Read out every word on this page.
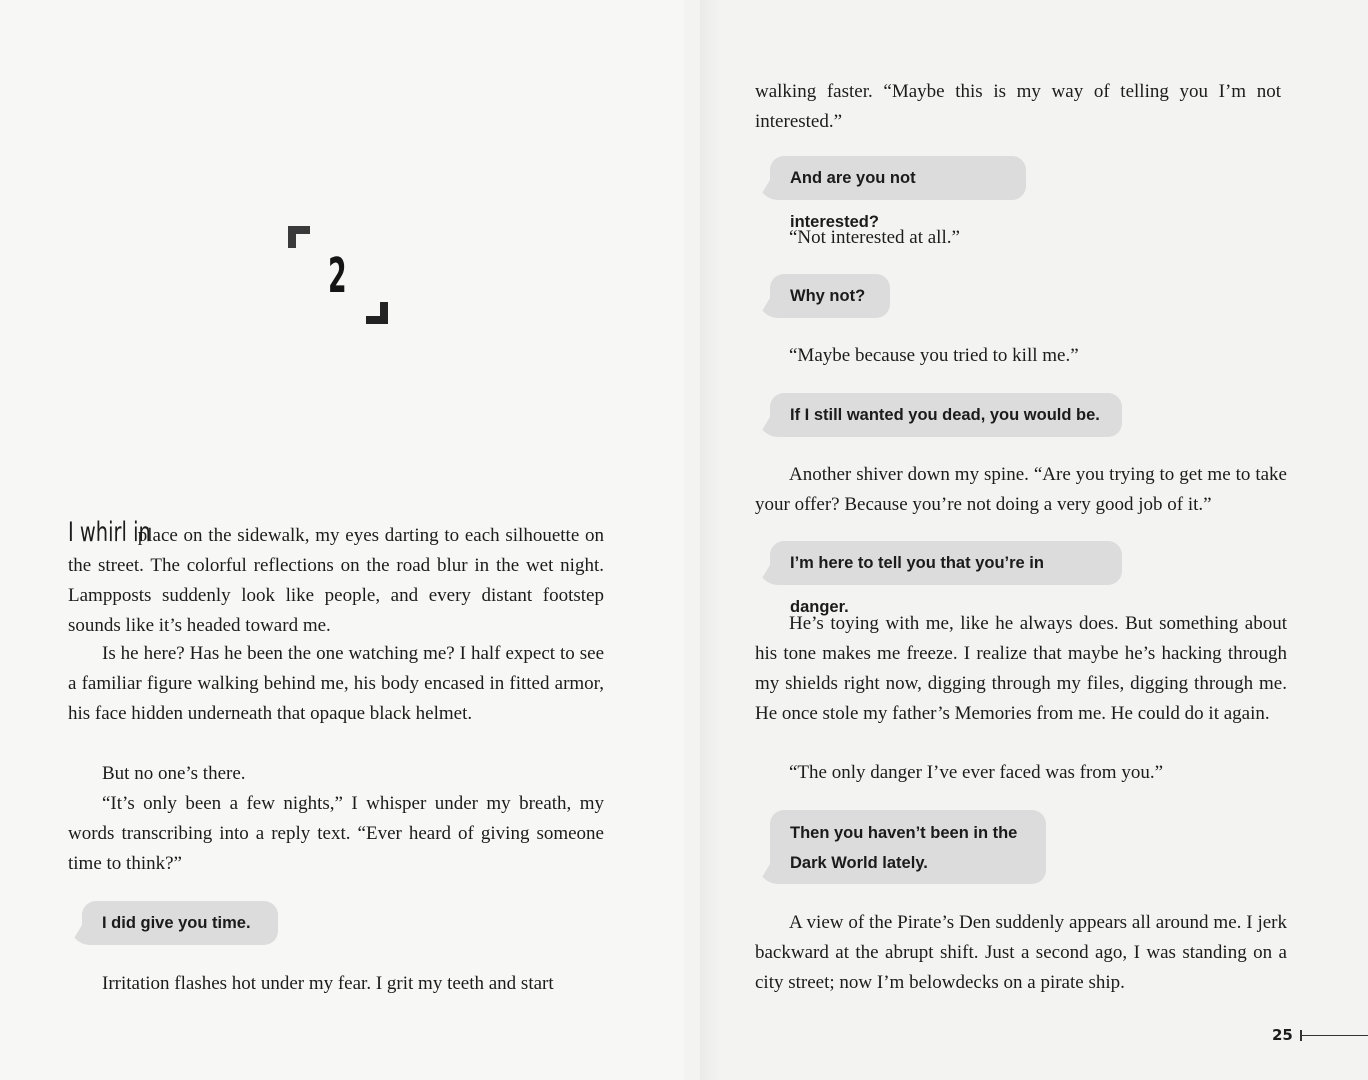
2

I whirl in place on the sidewalk, my eyes darting to each silhouette on the street. The colorful reflections on the road blur in the wet night. Lampposts suddenly look like people, and every distant footstep sounds like it’s headed toward me.

Is he here? Has he been the one watching me? I half expect to see a familiar figure walking behind me, his body encased in fitted armor, his face hidden underneath that opaque black helmet.

But no one’s there.

“It’s only been a few nights,” I whisper under my breath, my words transcribing into a reply text. “Ever heard of giving someone time to think?”

I did give you time.

Irritation flashes hot under my fear. I grit my teeth and start

walking faster. “Maybe this is my way of telling you I’m not interested.”

And are you not interested?

“Not interested at all.”

Why not?

“Maybe because you tried to kill me.”

If I still wanted you dead, you would be.

Another shiver down my spine. “Are you trying to get me to take your offer? Because you’re not doing a very good job of it.”

I’m here to tell you that you’re in danger.

He’s toying with me, like he always does. But something about his tone makes me freeze. I realize that maybe he’s hacking through my shields right now, digging through my files, digging through me. He once stole my father’s Memories from me. He could do it again.

“The only danger I’ve ever faced was from you.”

Then you haven’t been in the
Dark World lately.

A view of the Pirate’s Den suddenly appears all around me. I jerk backward at the abrupt shift. Just a second ago, I was standing on a city street; now I’m belowdecks on a pirate ship.

25
